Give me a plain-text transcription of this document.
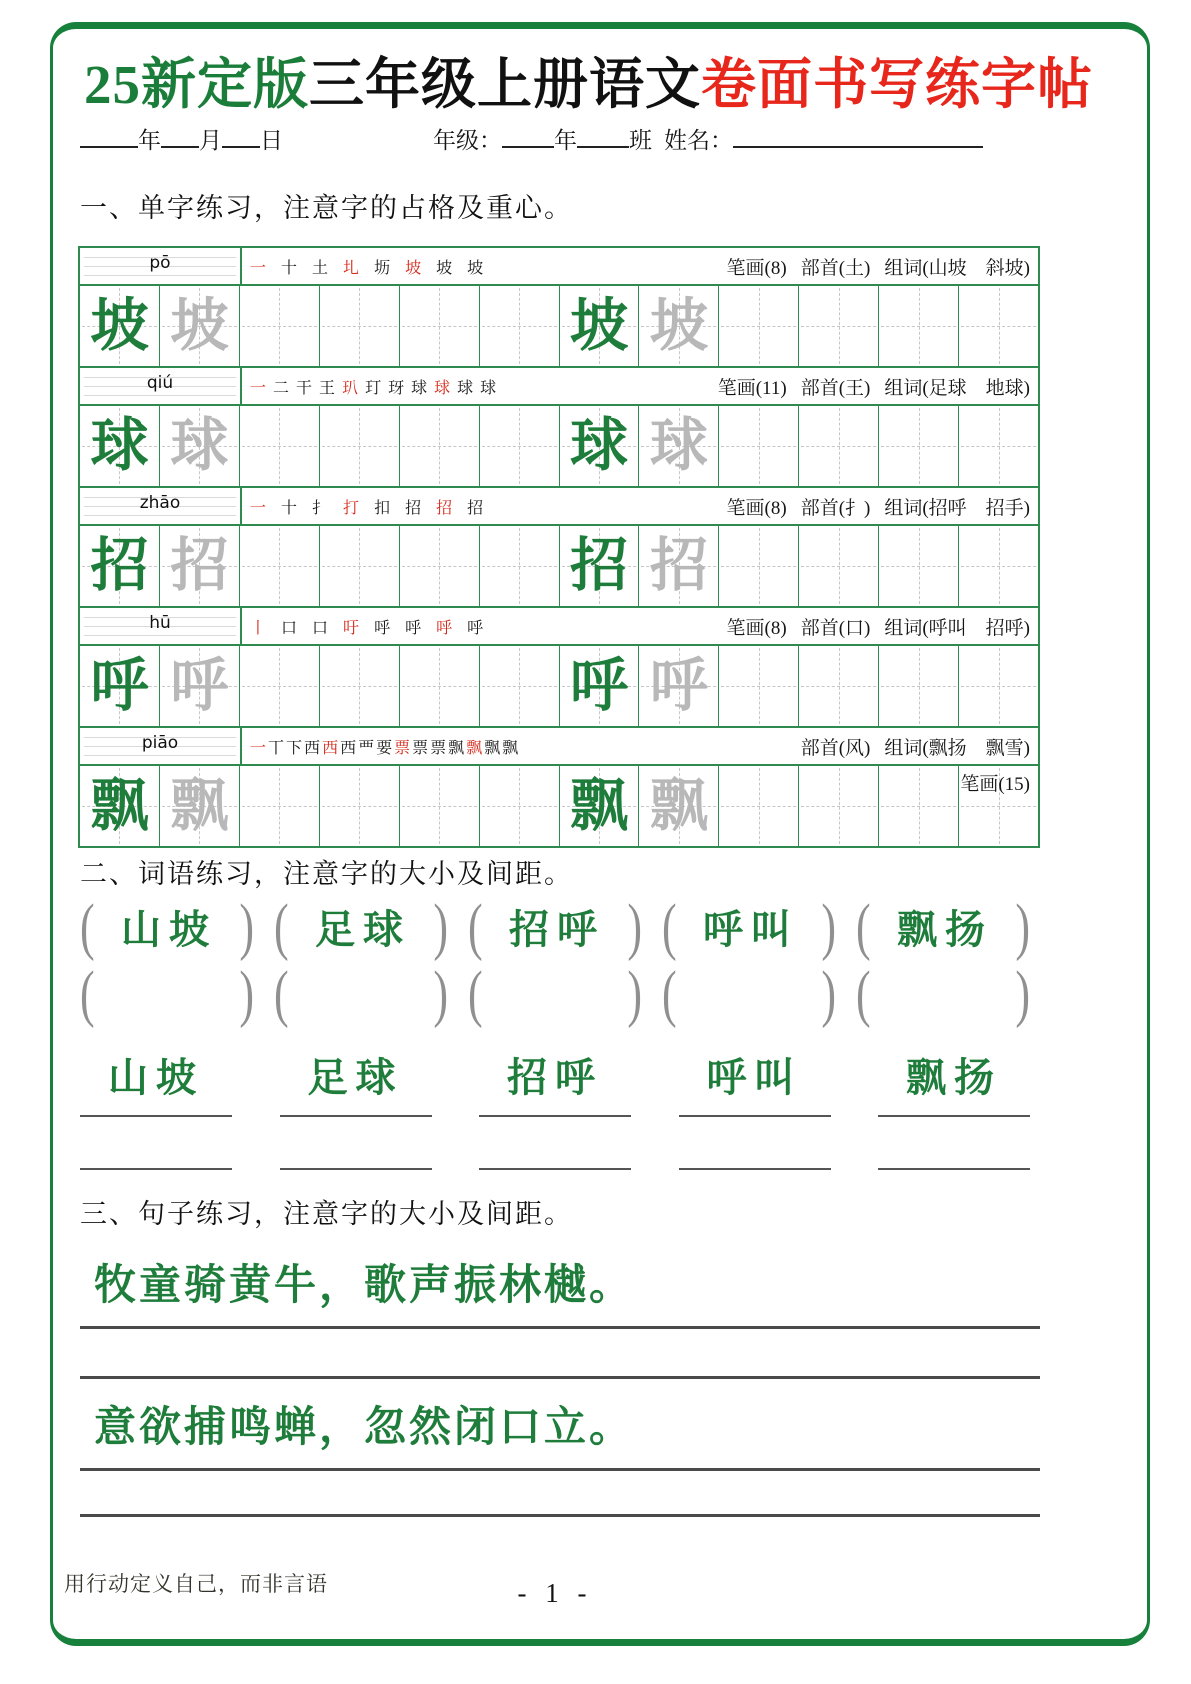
25新定版三年级上册语文卷面书写练字帖
年 月 日	年级： 年 班 姓名：
一、单字练习，注意字的占格及重心。
pō	一 十 土 圠 坜 坡 坡 坡	笔画(8) 部首(土) 组词(山坡　斜坡)
坡 坡	坡 坡
qiú	一 二 干 王 玐 玎 玡 球 球 球 球	笔画(11) 部首(王) 组词(足球　地球)
球 球	球 球
zhāo	一 十 扌 打 扣 招 招 招	笔画(8) 部首(扌) 组词(招呼　招手)
招 招	招 招
hū	丨 口 口 吁 呼 呼 呼 呼	笔画(8) 部首(口) 组词(呼叫　招呼)
呼 呼	呼 呼
piāo	一 丅 下 西 西 西 覀 要 票 票 票 飘 飘 飘 飘	部首(风) 组词(飘扬　飘雪)
飘 飘	飘 飘	笔画(15)
二、词语练习，注意字的大小及间距。
( 山坡 ) ( 足球 ) ( 招呼 ) ( 呼叫 ) ( 飘扬 )
(	) (	) (	) (	) (	)
山坡	足球	招呼	呼叫	飘扬
三、句子练习，注意字的大小及间距。
牧童骑黄牛，歌声振林樾。
意欲捕鸣蝉，忽然闭口立。
用行动定义自己，而非言语	- 1 -
